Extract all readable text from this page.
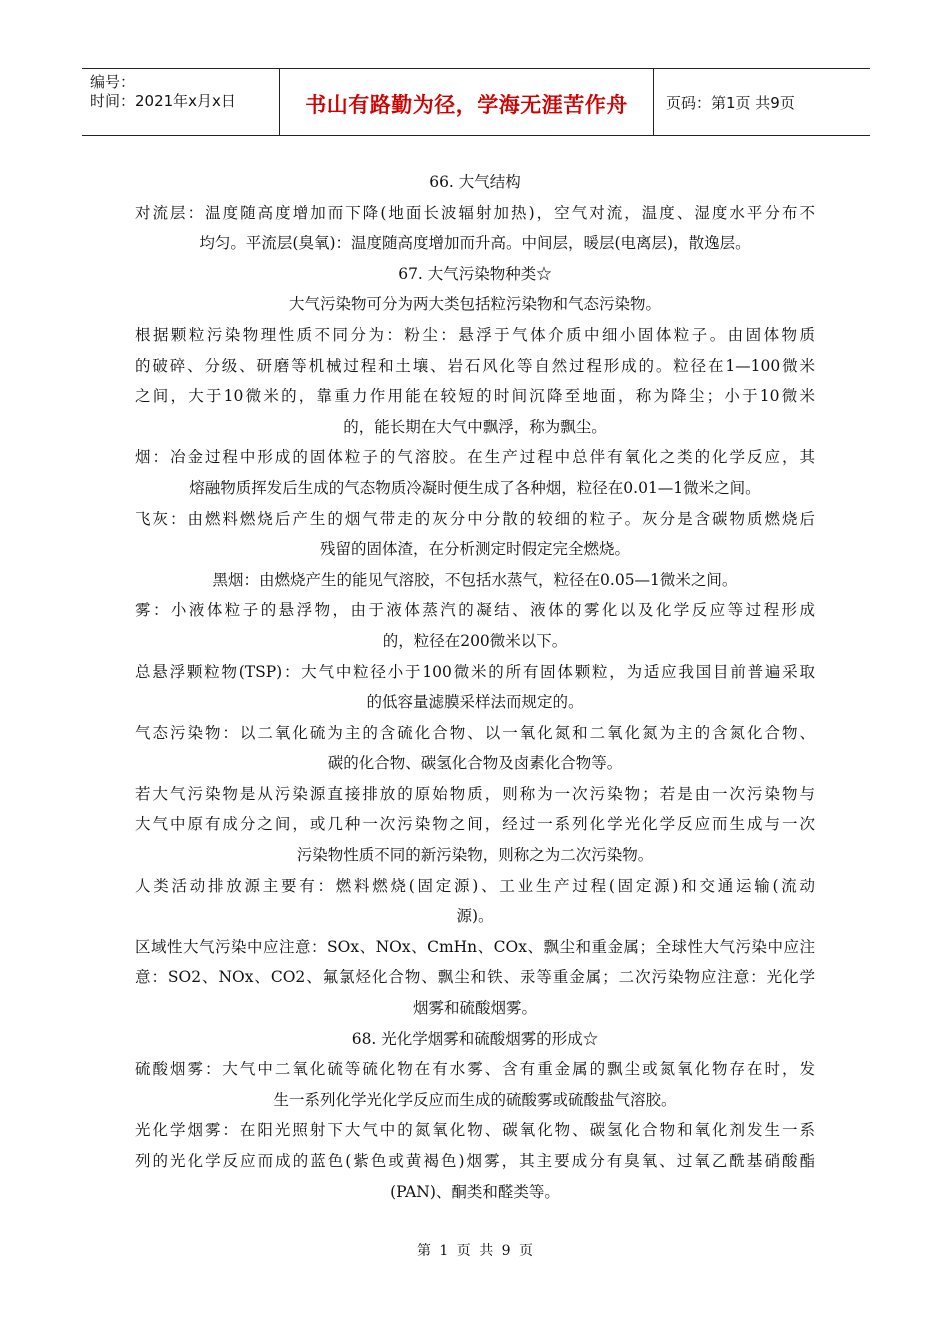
编号：
时间：2021年x月x日	书山有路勤为径，学海无涯苦作舟	页码：第1页 共9页
66. 大气结构
对流层：温度随高度增加而下降(地面长波辐射加热)，空气对流，温度、湿度水平分布不
均匀。平流层(臭氧)：温度随高度增加而升高。中间层，暖层(电离层)，散逸层。
67. 大气污染物种类☆
大气污染物可分为两大类包括粒污染物和气态污染物。
根据颗粒污染物理性质不同分为：粉尘：悬浮于气体介质中细小固体粒子。由固体物质
的破碎、分级、研磨等机械过程和土壤、岩石风化等自然过程形成的。粒径在1—100微米
之间，大于10微米的，靠重力作用能在较短的时间沉降至地面，称为降尘；小于10微米
的，能长期在大气中飘浮，称为飘尘。
烟：冶金过程中形成的固体粒子的气溶胶。在生产过程中总伴有氧化之类的化学反应，其
熔融物质挥发后生成的气态物质冷凝时便生成了各种烟，粒径在0.01—1微米之间。
飞灰：由燃料燃烧后产生的烟气带走的灰分中分散的较细的粒子。灰分是含碳物质燃烧后
残留的固体渣，在分析测定时假定完全燃烧。
黑烟：由燃烧产生的能见气溶胶，不包括水蒸气，粒径在0.05—1微米之间。
雾：小液体粒子的悬浮物，由于液体蒸汽的凝结、液体的雾化以及化学反应等过程形成
的，粒径在200微米以下。
总悬浮颗粒物(TSP)：大气中粒径小于100微米的所有固体颗粒，为适应我国目前普遍采取
的低容量滤膜采样法而规定的。
气态污染物：以二氧化硫为主的含硫化合物、以一氧化氮和二氧化氮为主的含氮化合物、
碳的化合物、碳氢化合物及卤素化合物等。
若大气污染物是从污染源直接排放的原始物质，则称为一次污染物；若是由一次污染物与
大气中原有成分之间，或几种一次污染物之间，经过一系列化学光化学反应而生成与一次
污染物性质不同的新污染物，则称之为二次污染物。
人类活动排放源主要有：燃料燃烧(固定源)、工业生产过程(固定源)和交通运输(流动
源)。
区域性大气污染中应注意：SOx、NOx、CmHn、COx、飘尘和重金属；全球性大气污染中应注
意：SO2、NOx、CO2、氟氯烃化合物、飘尘和铁、汞等重金属；二次污染物应注意：光化学
烟雾和硫酸烟雾。
68. 光化学烟雾和硫酸烟雾的形成☆
硫酸烟雾：大气中二氧化硫等硫化物在有水雾、含有重金属的飘尘或氮氧化物存在时，发
生一系列化学光化学反应而生成的硫酸雾或硫酸盐气溶胶。
光化学烟雾：在阳光照射下大气中的氮氧化物、碳氧化物、碳氢化合物和氧化剂发生一系
列的光化学反应而成的蓝色(紫色或黄褐色)烟雾，其主要成分有臭氧、过氧乙酰基硝酸酯
(PAN)、酮类和醛类等。
第 1 页 共 9 页
